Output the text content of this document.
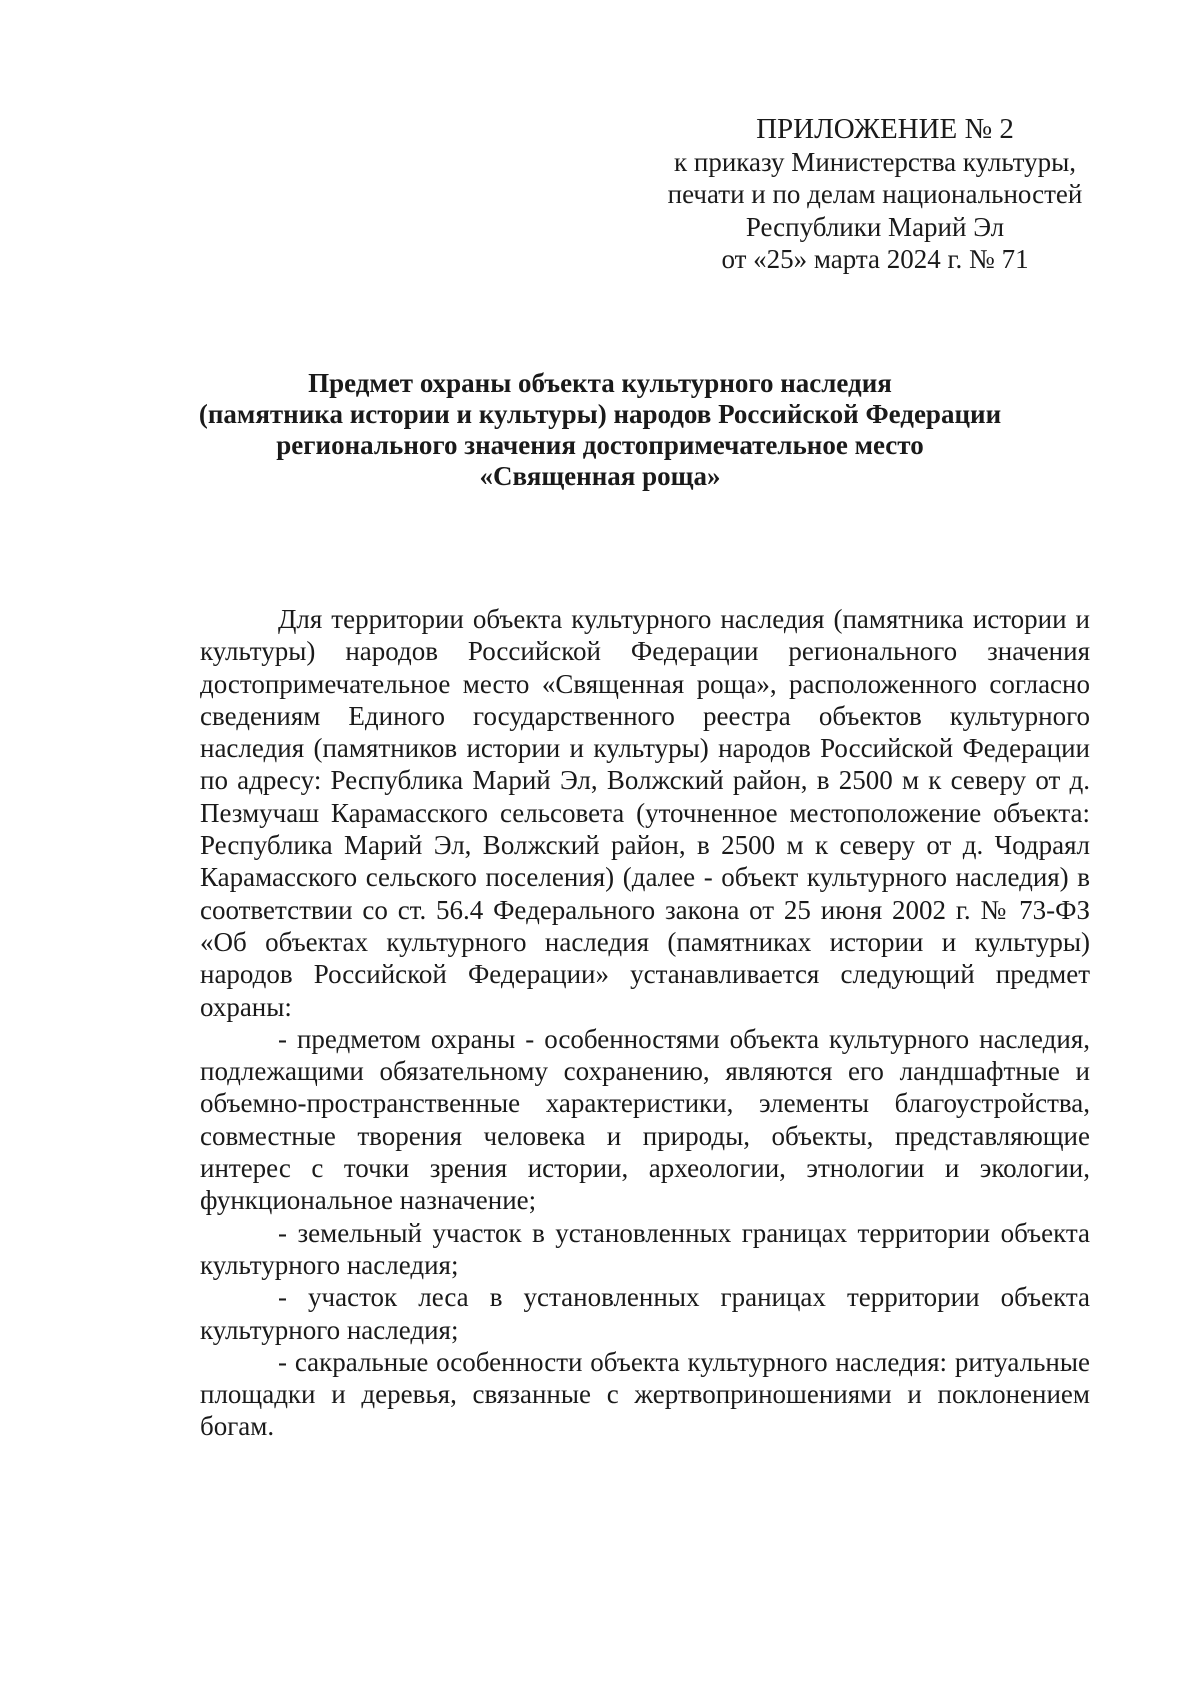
ПРИЛОЖЕНИЕ № 2
к приказу Министерства культуры,
печати и по делам национальностей
Республики Марий Эл
от «25» марта 2024 г. № 71
Предмет охраны объекта культурного наследия
(памятника истории и культуры) народов Российской Федерации
регионального значения достопримечательное место
«Священная роща»

Для территории объекта культурного наследия (памятника истории и культуры) народов Российской Федерации регионального значения достопримечательное место «Священная роща», расположенного согласно сведениям Единого государственного реестра объектов культурного наследия (памятников истории и культуры) народов Российской Федерации по адресу: Республика Марий Эл, Волжский район, в 2500 м к северу от д. Пезмучаш Карамасского сельсовета (уточненное местоположение объекта: Республика Марий Эл, Волжский район, в 2500 м к северу от д. Чодраял Карамасского сельского поселения) (далее - объект культурного наследия) в соответствии со ст. 56.4 Федерального закона от 25 июня 2002 г. № 73-ФЗ «Об объектах культурного наследия (памятниках истории и культуры) народов Российской Федерации» устанавливается следующий предмет охраны:

- предметом охраны - особенностями объекта культурного наследия, подлежащими обязательному сохранению, являются его ландшафтные и объемно-пространственные характеристики, элементы благоустройства, совместные творения человека и природы, объекты, представляющие интерес с точки зрения истории, археологии, этнологии и экологии, функциональное назначение;

- земельный участок в установленных границах территории объекта культурного наследия;

- участок леса в установленных границах территории объекта культурного наследия;

- сакральные особенности объекта культурного наследия: ритуальные площадки и деревья, связанные с жертвоприношениями и поклонением богам.
